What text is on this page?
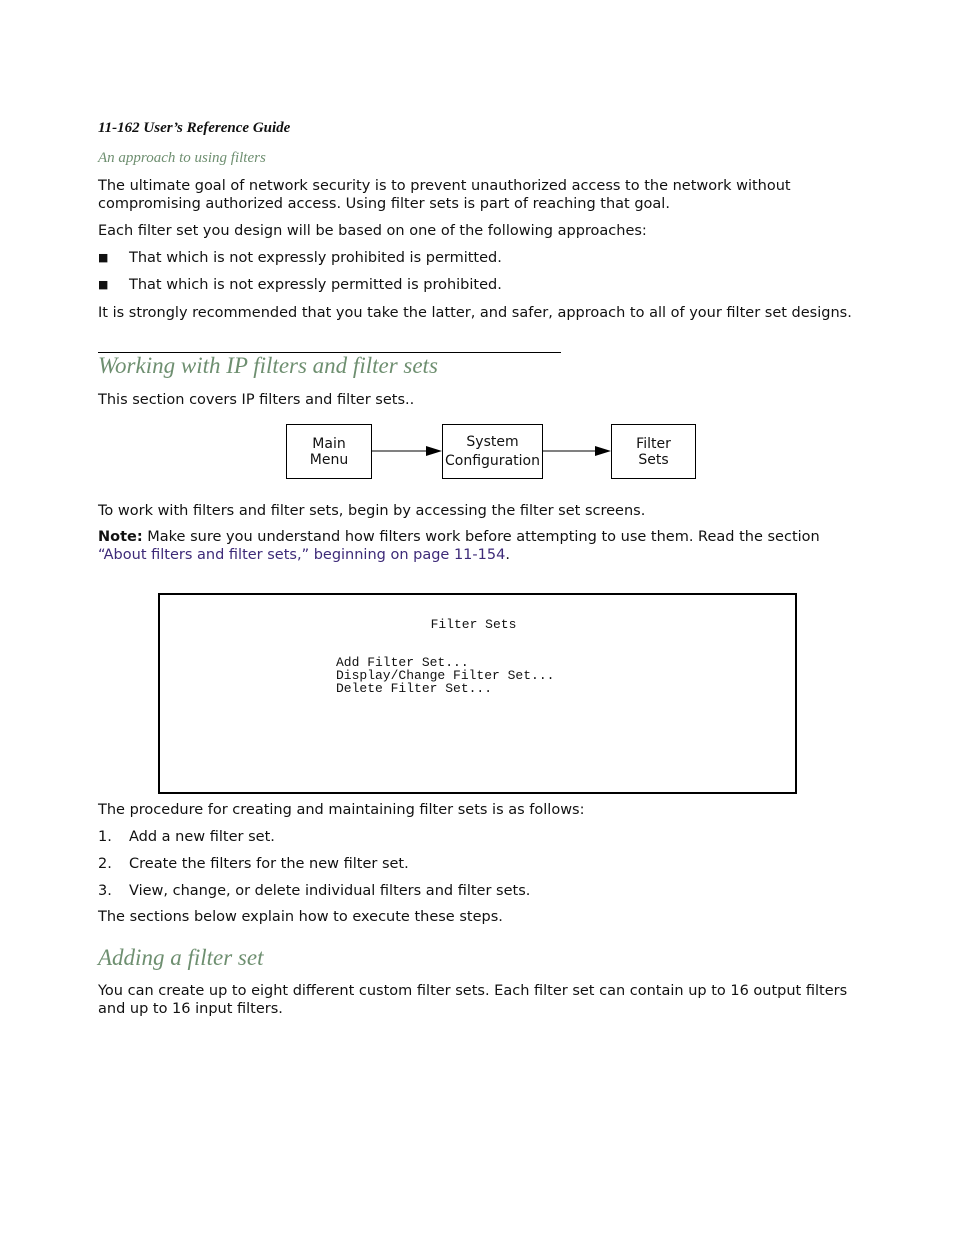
11-162 User’s Reference Guide
An approach to using filters

The ultimate goal of network security is to prevent unauthorized access to the network without compromising authorized access. Using filter sets is part of reaching that goal.

Each filter set you design will be based on one of the following approaches:

■ That which is not expressly prohibited is permitted.
■ That which is not expressly permitted is prohibited.

It is strongly recommended that you take the latter, and safer, approach to all of your filter set designs.

Working with IP filters and filter sets

This section covers IP filters and filter sets..

Main
Menu
System
Configuration
Filter
Sets

To work with filters and filter sets, begin by accessing the filter set screens.

Note: Make sure you understand how filters work before attempting to use them. Read the section “About filters and filter sets,” beginning on page 11-154.

Filter Sets
Add Filter Set...
Display/Change Filter Set...
Delete Filter Set...

The procedure for creating and maintaining filter sets is as follows:

1. Add a new filter set.
2. Create the filters for the new filter set.
3. View, change, or delete individual filters and filter sets.

The sections below explain how to execute these steps.

Adding a filter set

You can create up to eight different custom filter sets. Each filter set can contain up to 16 output filters and up to 16 input filters.
